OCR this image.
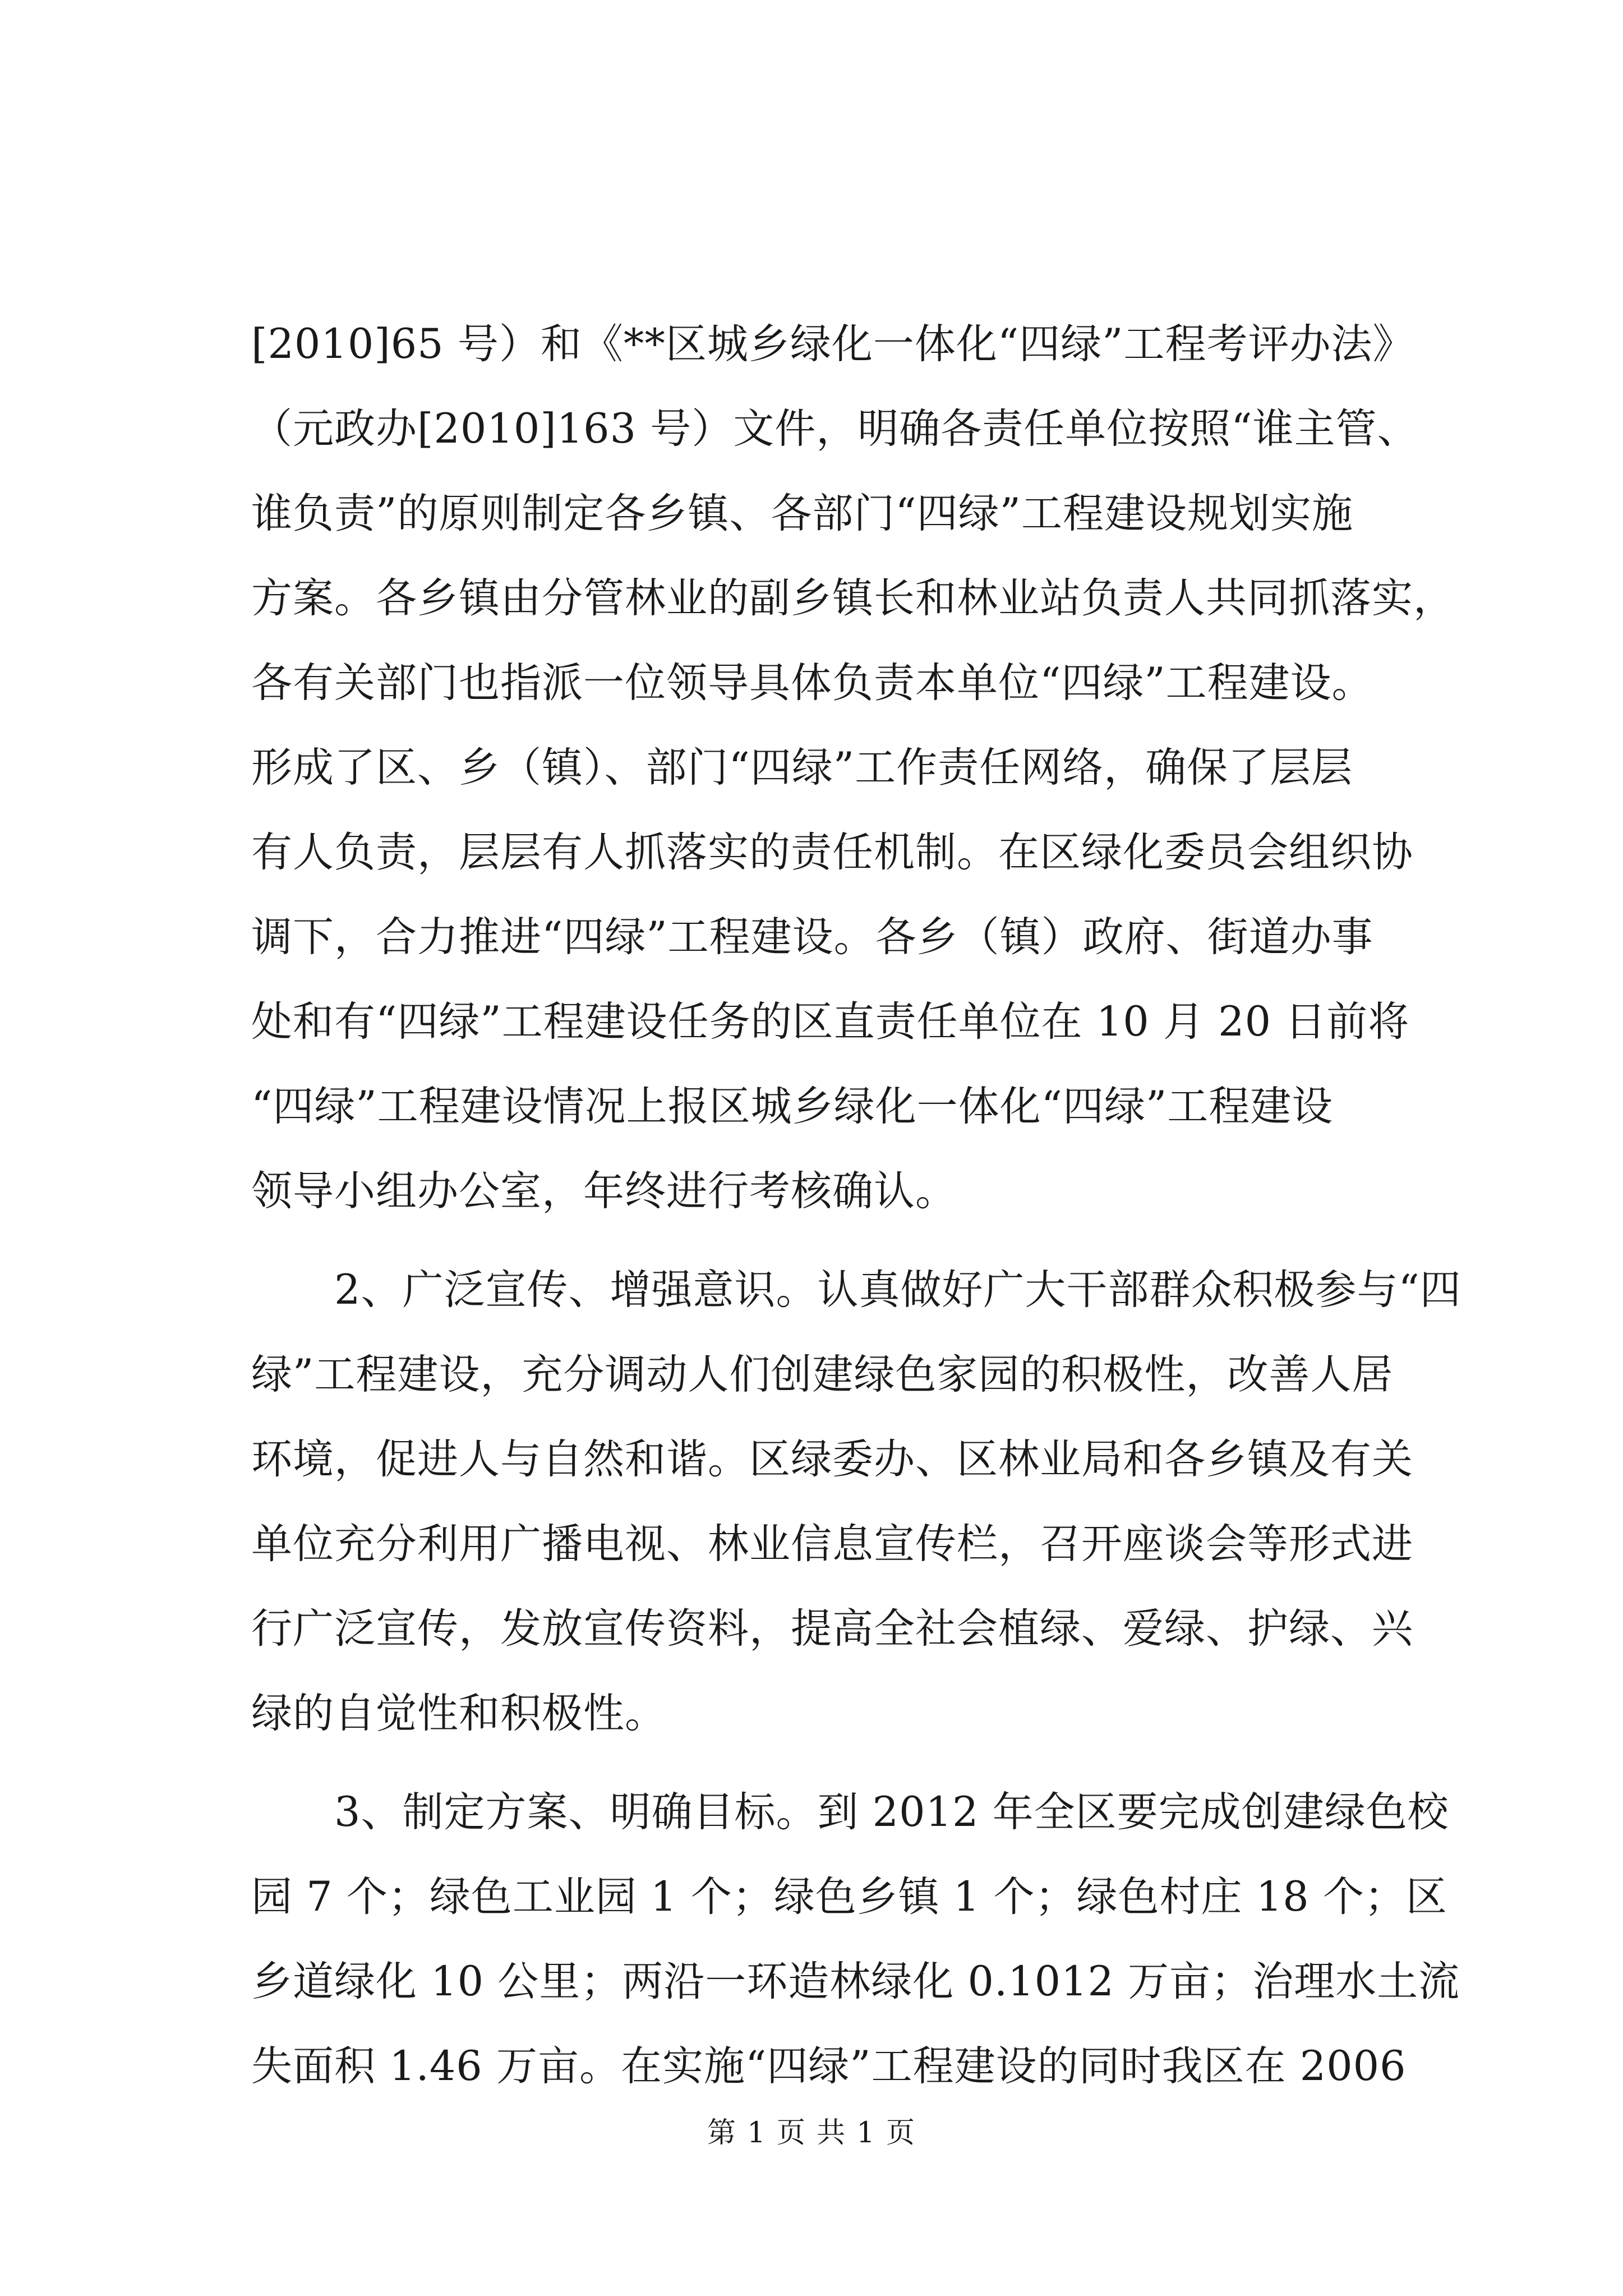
[2010]65 号）和《**区城乡绿化一体化“四绿”工程考评办法》
（元政办[2010]163 号）文件，明确各责任单位按照“谁主管、
谁负责”的原则制定各乡镇、各部门“四绿”工程建设规划实施
方案。各乡镇由分管林业的副乡镇长和林业站负责人共同抓落实，
各有关部门也指派一位领导具体负责本单位“四绿”工程建设。
形成了区、乡（镇）、部门“四绿”工作责任网络，确保了层层
有人负责，层层有人抓落实的责任机制。在区绿化委员会组织协
调下，合力推进“四绿”工程建设。各乡（镇）政府、街道办事
处和有“四绿”工程建设任务的区直责任单位在 10 月 20 日前将
“四绿”工程建设情况上报区城乡绿化一体化“四绿”工程建设
领导小组办公室，年终进行考核确认。
　　2、广泛宣传、增强意识。认真做好广大干部群众积极参与“四
绿”工程建设，充分调动人们创建绿色家园的积极性，改善人居
环境，促进人与自然和谐。区绿委办、区林业局和各乡镇及有关
单位充分利用广播电视、林业信息宣传栏，召开座谈会等形式进
行广泛宣传，发放宣传资料，提高全社会植绿、爱绿、护绿、兴
绿的自觉性和积极性。
　　3、制定方案、明确目标。到 2012 年全区要完成创建绿色校
园 7 个；绿色工业园 1 个；绿色乡镇 1 个；绿色村庄 18 个；区
乡道绿化 10 公里；两沿一环造林绿化 0.1012 万亩；治理水土流
失面积 1.46 万亩。在实施“四绿”工程建设的同时我区在 2006
第 1 页 共 1 页
